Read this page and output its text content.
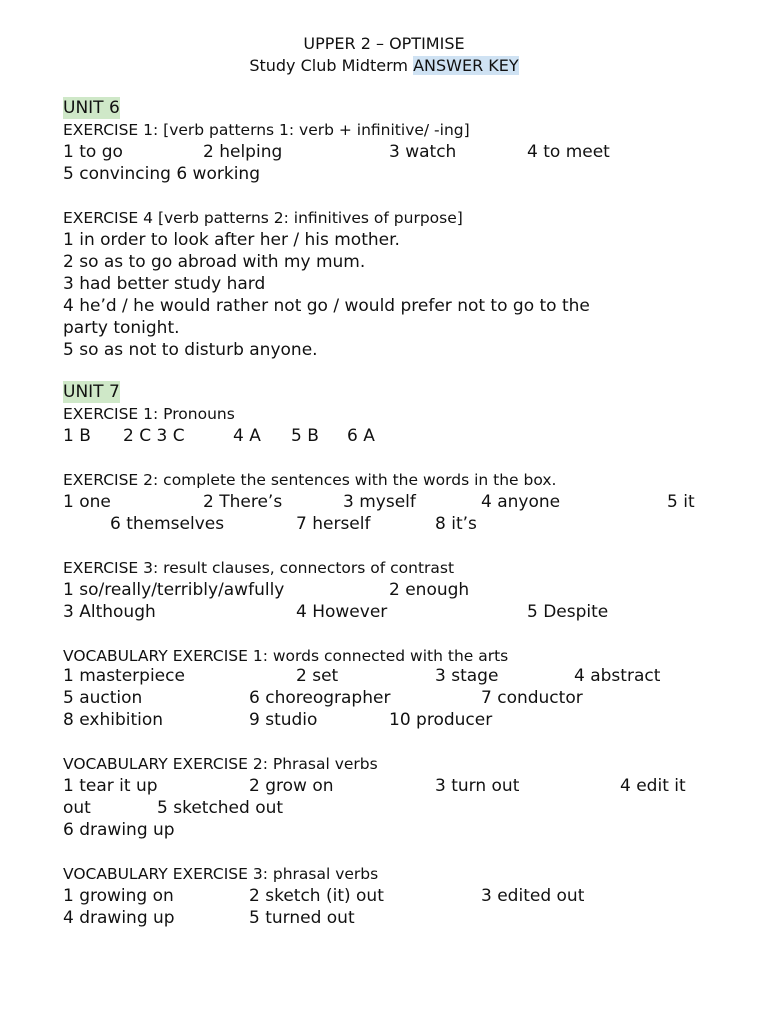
UPPER 2 – OPTIMISE
Study Club Midterm ANSWER KEY
UNIT 6
EXERCISE 1: [verb patterns 1: verb + infinitive/ -ing]
1 to go	2 helping	3 watch	4 to meet
5 convincing 6 working
EXERCISE 4 [verb patterns 2: infinitives of purpose]
1 in order to look after her / his mother.
2 so as to go abroad with my mum.
3 had better study hard
4 he’d / he would rather not go / would prefer not to go to the
party tonight.
5 so as not to disturb anyone.
UNIT 7
EXERCISE 1: Pronouns
1 B 2 C 3 C	4 A 5 B 6 A
EXERCISE 2: complete the sentences with the words in the box.
1 one	2 There’s	3 myself	4 anyone	5 it
6 themselves	7 herself	8 it’s
EXERCISE 3: result clauses, connectors of contrast
1 so/really/terribly/awfully	2 enough
3 Although	4 However	5 Despite
VOCABULARY EXERCISE 1: words connected with the arts
1 masterpiece	2 set	3 stage	4 abstract
5 auction	6 choreographer	7 conductor
8 exhibition	9 studio	10 producer
VOCABULARY EXERCISE 2: Phrasal verbs
1 tear it up	2 grow on	3 turn out	4 edit it
out	5 sketched out
6 drawing up
VOCABULARY EXERCISE 3: phrasal verbs
1 growing on	2 sketch (it) out	3 edited out
4 drawing up	5 turned out
